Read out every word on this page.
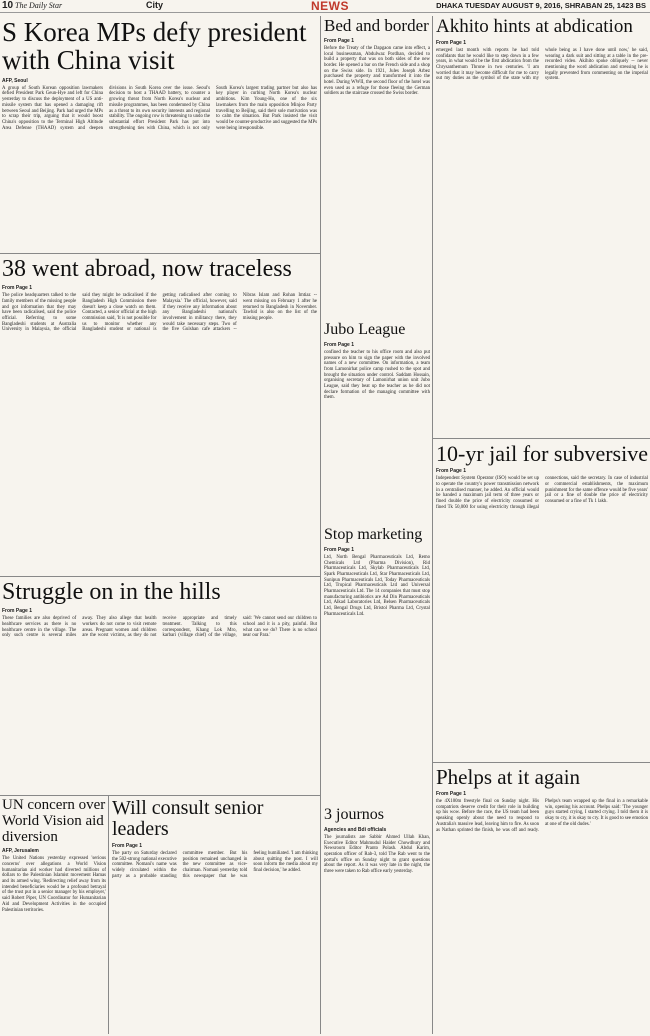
10 The Daily Star	City	NEWS	DHAKA TUESDAY AUGUST 9, 2016, SHRABAN 25, 1423 BS
S Korea MPs defy president with China visit
AFP, Seoul
A group of South Korean opposition lawmakers defied President Park Geun-Hye and left for China yesterday to discuss the deployment of a US anti-missile system that has opened a damaging rift between Seoul and Beijing. Park had urged the MPs to scrap their trip, arguing that it would boost China's opposition to the Terminal High Altitude Area Defense (THAAD) system and deepen divisions in South Korea over the issue. Seoul's decision to host a THAAD battery, to counter a growing threat from North Korea's nuclear and missile programmes, has been condemned by China as a threat to its own security interests and regional stability. The ongoing row is threatening to undo the substantial effort President Park has put into strengthening ties with China, which is not only South Korea's largest trading partner but also has key player in curbing North Korea's nuclear ambitions. Kim Young-Ho, one of the six lawmakers from the main opposition Minjoo Party travelling to Beijing, said their sole motivation was to calm the situation. But Park insisted the visit would be counter-productive and suggested the MPs were being irresponsible.
38 went abroad, now traceless
From Page 1
The police headquarters talked to the family members of the missing people and got information that they may have been radicalised, said the police official. Referring to some Bangladeshi students at Australia University in Malaysia, the official said they might be radicalised if the Bangladesh High Commission there doesn't keep a close watch on them. Contacted, a senior official at the high commission said, 'It is not possible for us to monitor whether any Bangladeshi student or national is getting radicalised after coming to Malaysia.' The official, however, said if they receive any information about any Bangladeshi national's involvement in militancy there, they would take necessary steps. Two of the five Gulshan cafe attackers -- Nibras Islam and Rohan Imtiaz -- went missing on February 1 after he returned to Bangladesh in November. Tawhid is also on the list of the missing people.
Struggle on in the hills
From Page 1
These families are also deprived of healthcare services as there is no healthcare centre in the village. The only such centre is several miles away. They also allege that health workers do not come to visit remote areas. Pregnant women and children are the worst victims, as they do not receive appropriate and timely treatment. Talking to this correspondent, Khang Lok Mro, karbari (village chief) of the village, said: 'We cannot send our children to school and it is a pity, painful. But what can we do? There is no school near our Para.'
UN concern over World Vision aid diversion
AFP, Jerusalem
The United Nations yesterday expressed 'serious concerns' over allegations a World Vision humanitarian aid worker had diverted millions of dollars to the Palestinian Islamist movement Hamas and its armed wing. 'Redirecting relief away from its intended beneficiaries would be a profound betrayal of the trust put in a senior manager by his employer,' said Robert Piper, UN Coordinator for Humanitarian Aid and Development Activities in the occupied Palestinian territories.
Will consult senior leaders
From Page 1
The party on Saturday declared the 502-strong national executive committee. Nomani's name was widely circulated within the party as a probable standing committee member. But his position remained unchanged in the new committee as vice-chairman. Nomani yesterday told this newspaper that he was feeling humiliated. 'I am thinking about quitting the post. I will soon inform the media about my final decision,' he added.
Bed and border
From Page 1
Before the Treaty of the Dapgaon came into effect, a local businessman, Abdulwaz Pordhan, decided to build a property that was on both sides of the new border. He opened a bar on the French side and a shop on the Swiss side. In 1921, Jules Joseph Arbez purchased the property and transformed it into the hotel. During WWII, the second floor of the hotel was even used as a refuge for those fleeing the German soldiers as the staircase crossed the Swiss border.
Jubo League
From Page 1
confined the teacher to his office room and also put pressure on him to sign the paper with the involved names of a new committee. On information, a team from Lamonirhat police camp rushed to the spot and brought the situation under control. Saddam Hossain, organising secretary of Lamonirhat union unit Jubo League, said they beat up the teacher as he did not declare formation of the managing committee with them.
Stop marketing
From Page 1
Ltd, North Bengal Pharmaceuticals Ltd, Remo Chemicals Ltd (Pharma Division), Rid Pharmaceuticals Ltd, Skylab Pharmaceuticals Ltd, Spark Pharmaceuticals Ltd, Star Pharmaceuticals Ltd, Sunipun Pharmaceuticals Ltd, Today Pharmaceuticals Ltd, Tropical Pharmaceuticals Ltd and Universal Pharmaceuticals Ltd. The 14 companies that must stop manufacturing antibiotics are Ad Din Pharmaceuticals Ltd, Alkad Laboratories Ltd, Belsen Pharmaceuticals Ltd, Bengal Drugs Ltd, Bristol Pharma Ltd, Crystal Pharmaceuticals Ltd.
3 journos
Agencies and Bdi officials
The journalists are Sabbir Ahmed Ullah Khan, Executive Editor Mahmudul Haider Chowdhury and Newsroom Editor Pranto Polash. Abdul Karim, operation officer of Rab-3, told The Rab went to the portal's office on Sunday night to grant questions about the report. As it was very late in the night, the three were taken to Rab office early yesterday.
Akhito hints at abdication
From Page 1
emerged last month with reports he had told confidants that he would like to step down in a few years, in what would be the first abdication from the Chrysanthemum Throne in two centuries. 'I am worried that it may become difficult for me to carry out my duties as the symbol of the state with my whole being as I have done until now,' he said, wearing a dark suit and sitting at a table in the pre-recorded video. Akihito spoke obliquely -- never mentioning the word abdication and stressing he is legally prevented from commenting on the imperial system.
10-yr jail for subversive
From Page 1
Independent System Operator (ISO) would be set up to operate the country's power transmission network in a centralised manner, he added. An official would be handed a maximum jail term of three years or fined double the price of electricity consumed or fined Tk 50,000 for using electricity through illegal connections, said the secretary. In case of industrial or commercial establishments, the maximum punishment for the same offence would be five years' jail or a fine of double the price of electricity consumed or a fine of Tk 1 lakh.
Phelps at it again
From Page 1
the 4X100m freestyle final on Sunday night. His compatriots deserve credit for their role in building up his wow. Before the race, the US team had been speaking openly about the need to respond to Australia's massive lead, leaving him to fire. As soon as Nathan sprinted the finish, he was off and ready. Phelps's team wrapped up the final in a remarkable win, opening his account. Phelps said: 'The younger guys started crying, I started crying. I told them it is okay to cry, it is okay to cry. It is good to see emotion at one of the old dudes.'
